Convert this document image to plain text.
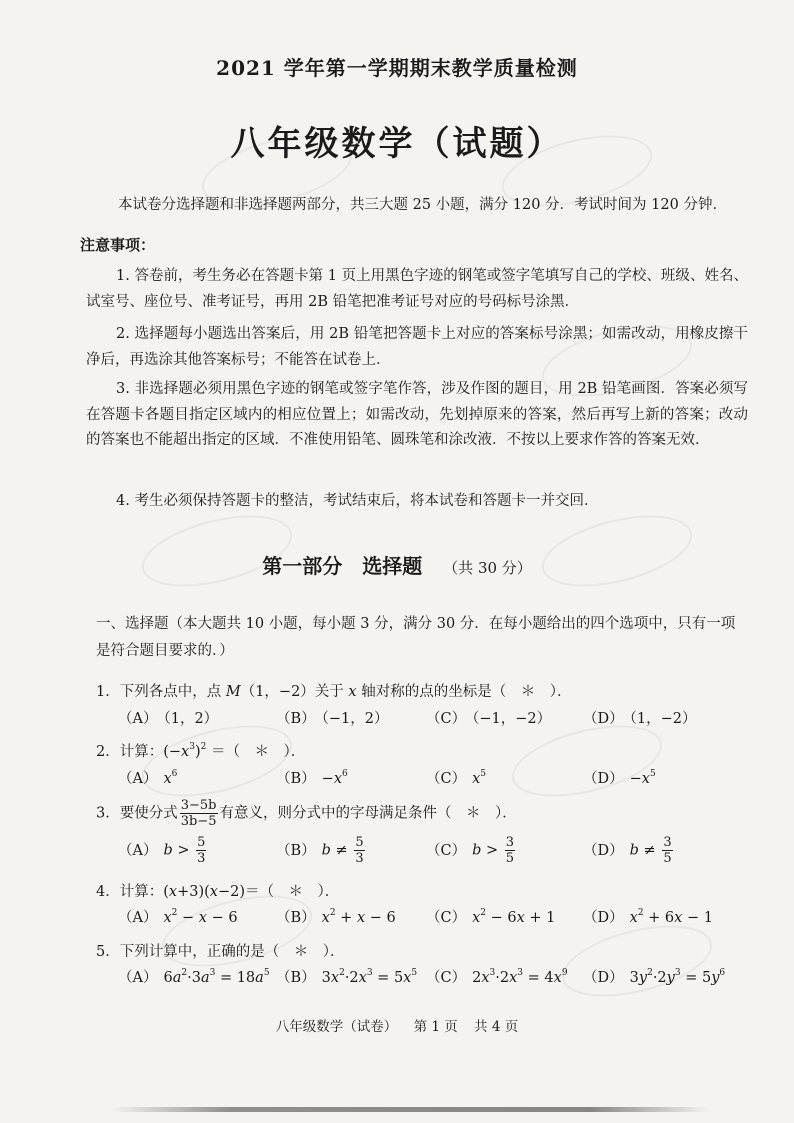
2021 学年第一学期期末教学质量检测
八年级数学（试题）
本试卷分选择题和非选择题两部分，共三大题 25 小题，满分 120 分．考试时间为 120 分钟．
注意事项：
1. 答卷前，考生务必在答题卡第 1 页上用黑色字迹的钢笔或签字笔填写自己的学校、班级、姓名、试室号、座位号、准考证号，再用 2B 铅笔把准考证号对应的号码标号涂黑．
2. 选择题每小题选出答案后，用 2B 铅笔把答题卡上对应的答案标号涂黑；如需改动，用橡皮擦干净后，再选涂其他答案标号；不能答在试卷上．
3. 非选择题必须用黑色字迹的钢笔或签字笔作答，涉及作图的题目，用 2B 铅笔画图．答案必须写在答题卡各题目指定区域内的相应位置上；如需改动，先划掉原来的答案，然后再写上新的答案；改动的答案也不能超出指定的区域．不准使用铅笔、圆珠笔和涂改液．不按以上要求作答的答案无效．
4. 考生必须保持答题卡的整洁，考试结束后，将本试卷和答题卡一并交回．
第一部分　选择题 （共 30 分）
一、选择题（本大题共 10 小题，每小题 3 分，满分 30 分．在每小题给出的四个选项中，只有一项是符合题目要求的．）
1．下列各点中，点 M（1，−2）关于 x 轴对称的点的坐标是（　＊　）．
（A） （1，2）	（B） （−1，2）	（C） （−1，−2） （D） （1，−2）
2．计算：$(-x^3)^2$ ＝（　＊　）．
（A） $x^6$	$(B) -x^6$	（C） $x^5$	$(D) -x^5$
3．要使分式 $\frac{3-5b}{3b-5}$ 有意义，则分式中的字母满足条件（　＊　）．
（A） $b > \frac{5}{3}$	（B） $b \ne \frac{5}{3}$	（C） $b > \frac{3}{5}$	（D） $b \ne \frac{3}{5}$
4．计算：(x+3)(x−2)＝（　＊　）．
（A） $x^2 - x - 6$	（B） $x^2 + x - 6$ （C） $x^2 - 6x + 1$ （D） $x^2 + 6x - 1$
5．下列计算中，正确的是（　＊　）．
（A） $6a^2\cdot 3a^3 = 18a^5$ （B） $3x^2\cdot 2x^3 = 5x^5$ （C） $2x^3\cdot 2x^3 = 4x^9$ （D） $3y^2\cdot 2y^3 = 5y^6$
八年级数学（试卷） 第 1 页 共 4 页
